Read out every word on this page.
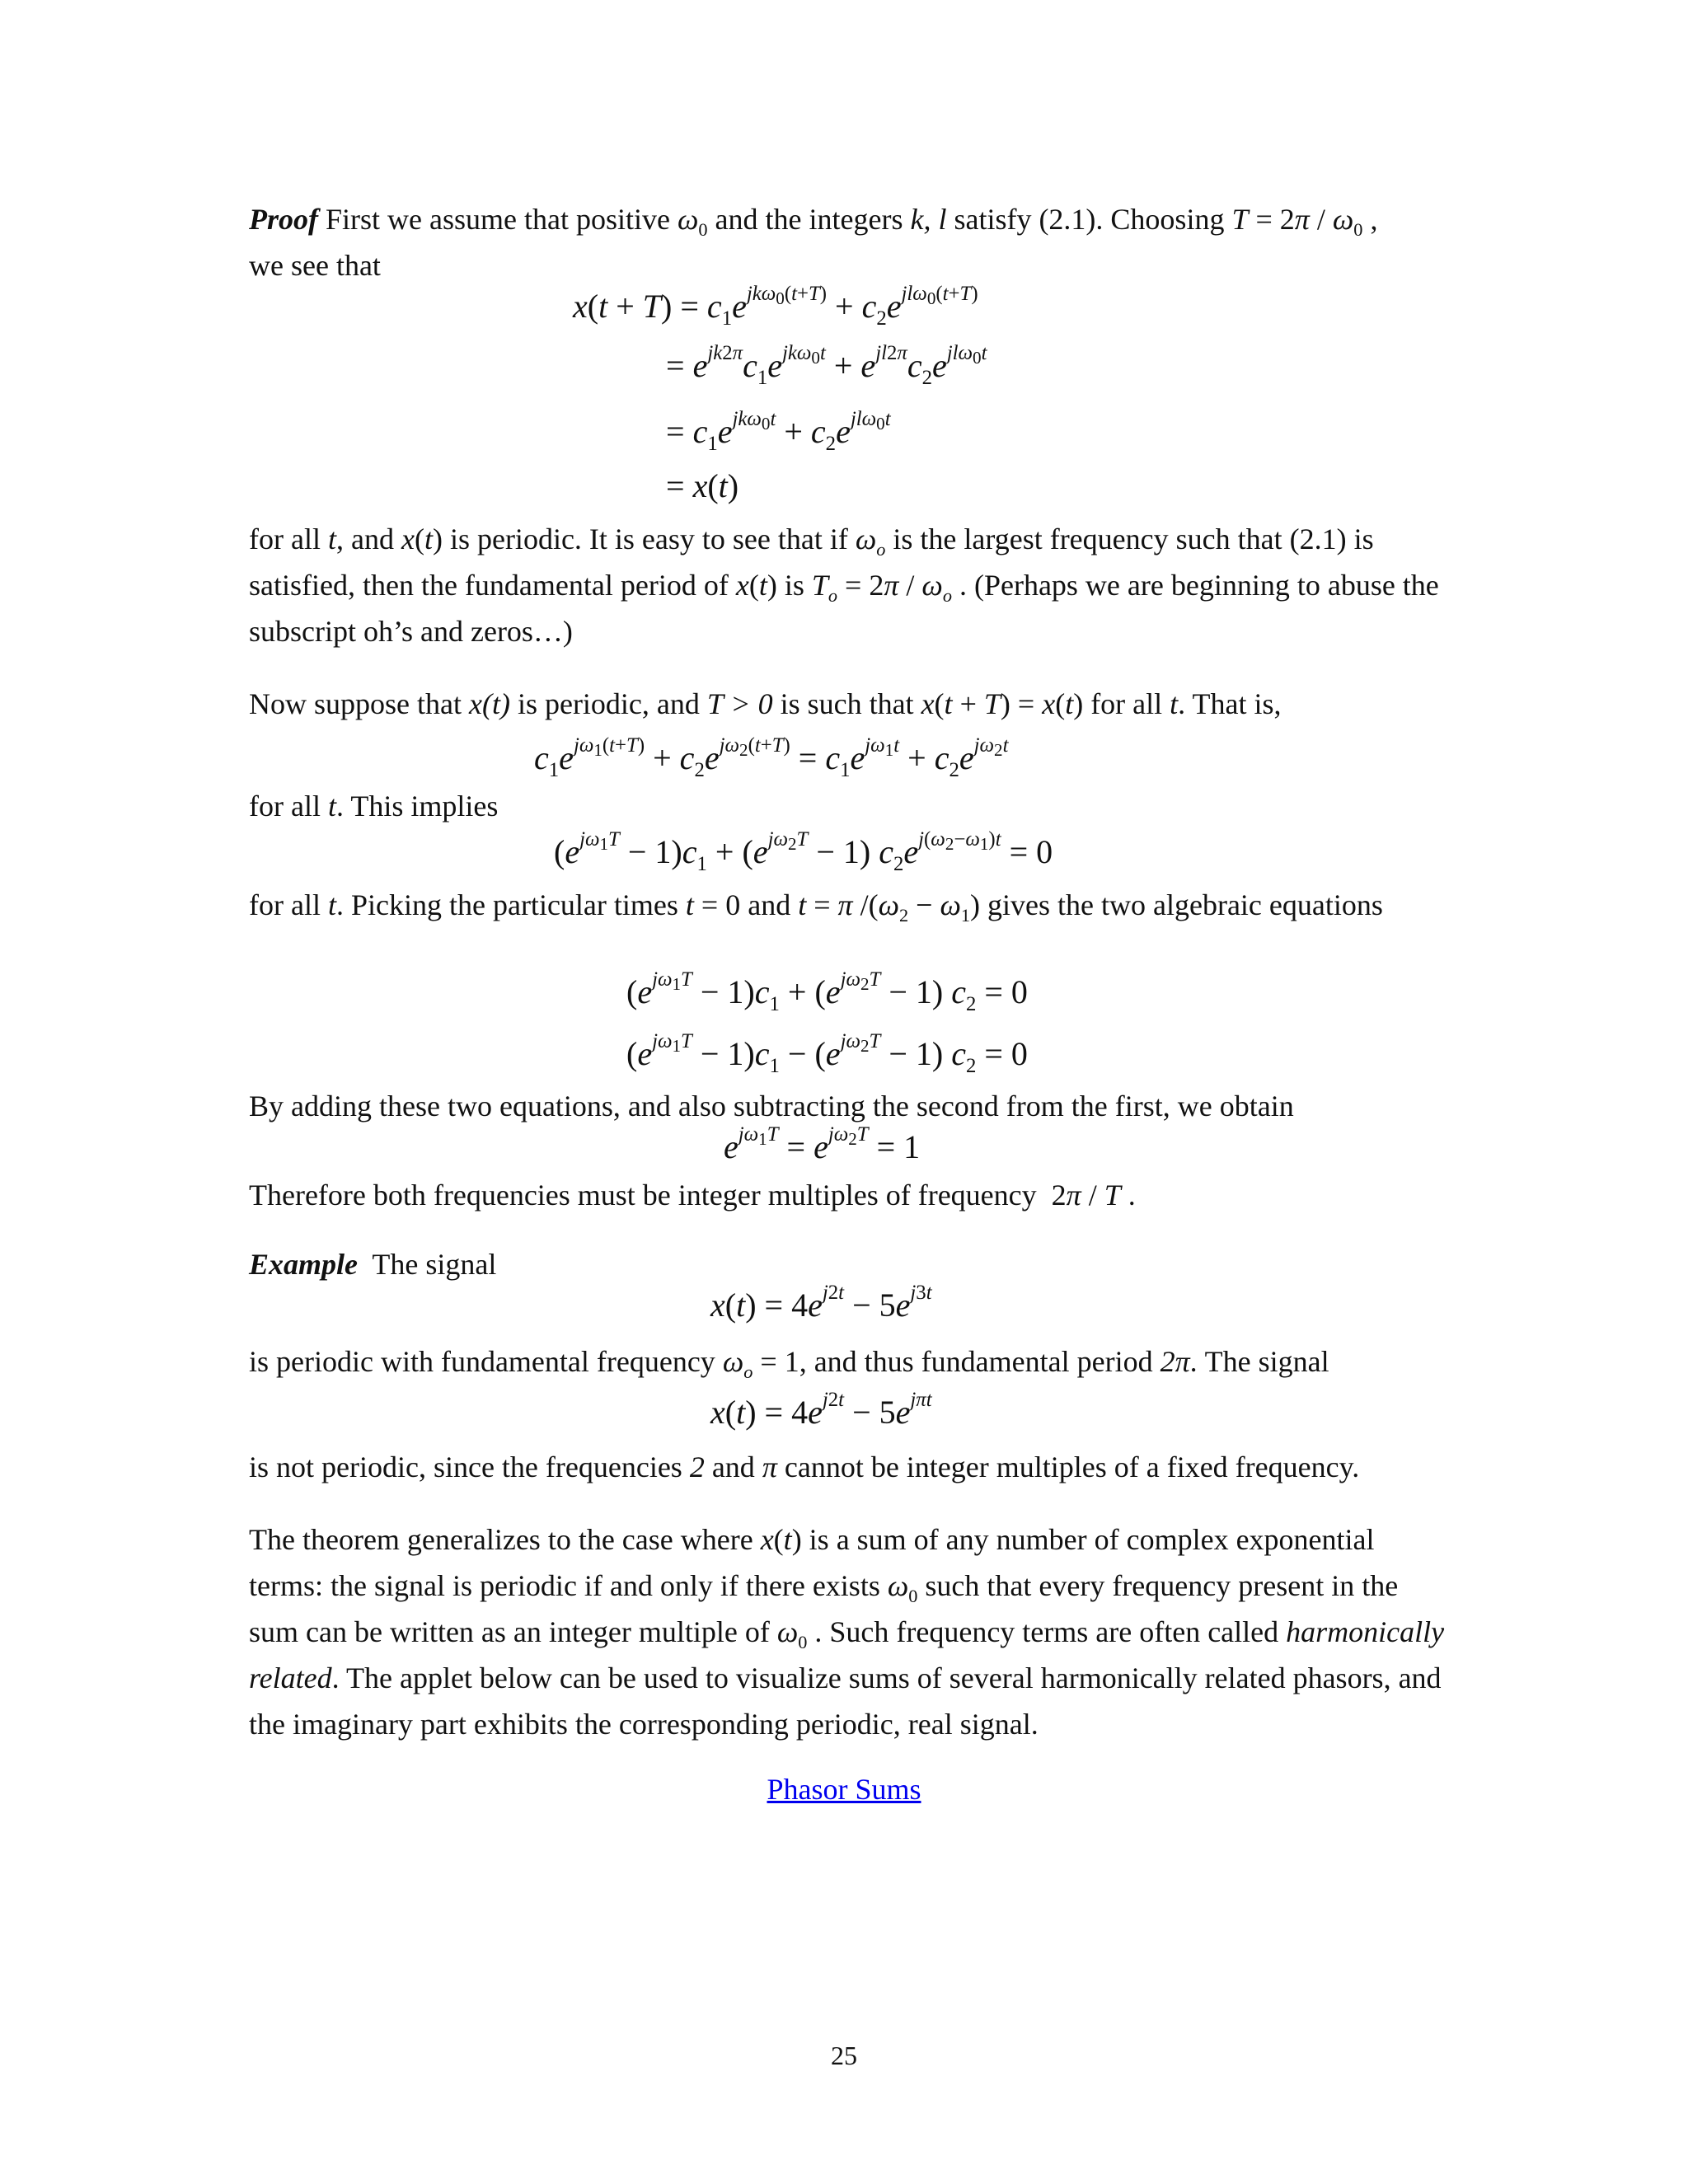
Proof First we assume that positive $\omega_0$ and the integers k, l satisfy (2.1). Choosing $T = 2\pi / \omega_0$ ,
we see that

$x(t + T) = c_1e^{jk\omega_0(t+T)} + c_2e^{jl\omega_0(t+T)}$
= $e^{jk2\pi}c_1e^{jk\omega_0t} + e^{jl2\pi}c_2e^{jl\omega_0t}$
= $c_1e^{jk\omega_0t} + c_2e^{jl\omega_0t}$
= x(t)

for all t, and x(t) is periodic. It is easy to see that if $\omega_o$ is the largest frequency such that (2.1) is satisfied, then the fundamental period of x(t) is $T_o = 2\pi / \omega_o$ . (Perhaps we are beginning to abuse the subscript oh’s and zeros…)

Now suppose that x(t) is periodic, and T > 0 is such that x(t + T) = x(t) for all t. That is,

$c_1e^{j\omega_1(t+T)} + c_2e^{j\omega_2(t+T)} = c_1e^{j\omega_1t} + c_2e^{j\omega_2t}$

for all t. This implies

$(e^{j\omega_1T} - 1)c_1 + (e^{j\omega_2T} - 1) c_2e^{j(\omega_2-\omega_1)t} = 0$

for all t. Picking the particular times t = 0 and t = π $/(\omega_2 - \omega_1)$ gives the two algebraic equations

$(e^{j\omega_1T} - 1)c_1 + (e^{j\omega_2T} - 1) c_2 = 0$
$(e^{j\omega_1T} - 1)c_1 - (e^{j\omega_2T} - 1) c_2 = 0$

By adding these two equations, and also subtracting the second from the first, we obtain

$e^{j\omega_1T} = e^{j\omega_2T} = 1$

Therefore both frequencies must be integer multiples of frequency  2π / T .

Example The signal

$x(t) = 4e^{j2t} - 5e^{j3t}$

is periodic with fundamental frequency $\omega_o = 1$, and thus fundamental period 2π. The signal

$x(t) = 4e^{j2t} - 5e^{j\pi t}$

is not periodic, since the frequencies 2 and π cannot be integer multiples of a fixed frequency.

The theorem generalizes to the case where x(t) is a sum of any number of complex exponential terms: the signal is periodic if and only if there exists $\omega_0$ such that every frequency present in the sum can be written as an integer multiple of $\omega_0$ . Such frequency terms are often called harmonically related. The applet below can be used to visualize sums of several harmonically related phasors, and the imaginary part exhibits the corresponding periodic, real signal.

Phasor Sums
25
